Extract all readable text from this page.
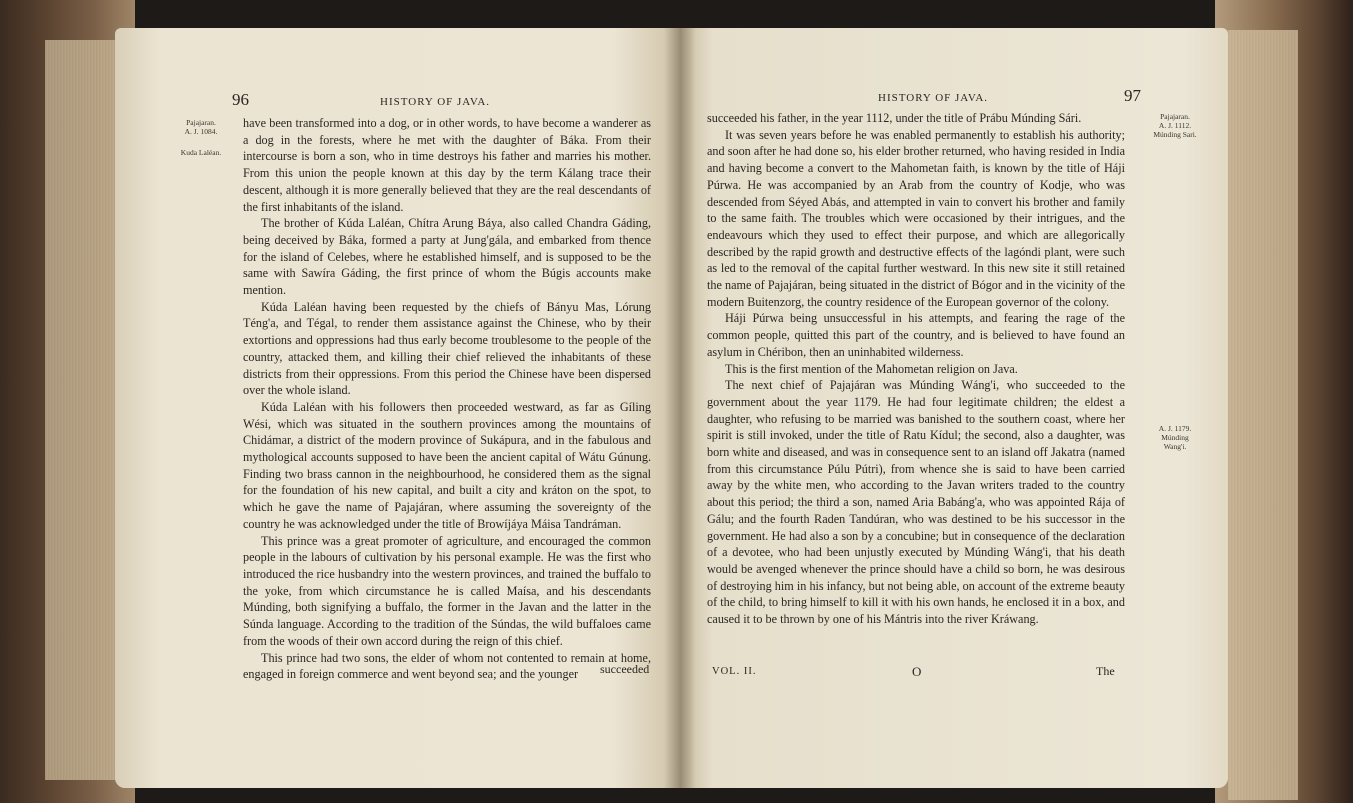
96	HISTORY OF JAVA.
Pajajaran.
A. J. 1084.
Kuda Laléan.

have been transformed into a dog, or in other words, to have become a wanderer as a dog in the forests, where he met with the daughter of Báka. From their intercourse is born a son, who in time destroys his father and marries his mother. From this union the people known at this day by the term Kálang trace their descent, although it is more generally believed that they are the real descendants of the first inhabitants of the island.

The brother of Kúda Laléan, Chítra Arung Báya, also called Chandra Gáding, being deceived by Báka, formed a party at Jung'gála, and embarked from thence for the island of Celebes, where he established himself, and is supposed to be the same with Sawíra Gáding, the first prince of whom the Búgis accounts make mention.

Kúda Laléan having been requested by the chiefs of Bányu Mas, Lórung Téng'a, and Tégal, to render them assistance against the Chinese, who by their extortions and oppressions had thus early become troublesome to the people of the country, attacked them, and killing their chief relieved the inhabitants of these districts from their oppressions. From this period the Chinese have been dispersed over the whole island.

Kúda Laléan with his followers then proceeded westward, as far as Gíling Wési, which was situated in the southern provinces among the mountains of Chidámar, a district of the modern province of Sukápura, and in the fabulous and mythological accounts supposed to have been the ancient capital of Wátu Gúnung. Finding two brass cannon in the neighbourhood, he considered them as the signal for the foundation of his new capital, and built a city and kráton on the spot, to which he gave the name of Pajajáran, where assuming the sovereignty of the country he was acknowledged under the title of Browíjáya Máisa Tandráman.

This prince was a great promoter of agriculture, and encouraged the common people in the labours of cultivation by his personal example. He was the first who introduced the rice husbandry into the western provinces, and trained the buffalo to the yoke, from which circumstance he is called Maísa, and his descendants Múnding, both signifying a buffalo, the former in the Javan and the latter in the Súnda language. According to the tradition of the Súndas, the wild buffaloes came from the woods of their own accord during the reign of this chief.

This prince had two sons, the elder of whom not contented to remain at home, engaged in foreign commerce and went beyond sea; and the younger	succeeded
HISTORY OF JAVA.	97
Pajajaran.
A. J. 1112.
Múnding Sari.
A. J. 1179.
Múnding
Wang'i.

succeeded his father, in the year 1112, under the title of Prábu Múnding Sári.

It was seven years before he was enabled permanently to establish his authority; and soon after he had done so, his elder brother returned, who having resided in India and having become a convert to the Mahometan faith, is known by the title of Háji Púrwa. He was accompanied by an Arab from the country of Kodje, who was descended from Séyed Abás, and attempted in vain to convert his brother and family to the same faith. The troubles which were occasioned by their intrigues, and the endeavours which they used to effect their purpose, and which are allegorically described by the rapid growth and destructive effects of the lagóndi plant, were such as led to the removal of the capital further westward. In this new site it still retained the name of Pajajáran, being situated in the district of Bógor and in the vicinity of the modern Buitenzorg, the country residence of the European governor of the colony.

Háji Púrwa being unsuccessful in his attempts, and fearing the rage of the common people, quitted this part of the country, and is believed to have found an asylum in Chéribon, then an uninhabited wilderness.

This is the first mention of the Mahometan religion on Java.

The next chief of Pajajáran was Múnding Wáng'i, who succeeded to the government about the year 1179. He had four legitimate children; the eldest a daughter, who refusing to be married was banished to the southern coast, where her spirit is still invoked, under the title of Ratu Kídul; the second, also a daughter, was born white and diseased, and was in consequence sent to an island off Jakatra (named from this circumstance Púlu Pútri), from whence she is said to have been carried away by the white men, who according to the Javan writers traded to the country about this period; the third a son, named Aria Babáng'a, who was appointed Rája of Gálu; and the fourth Raden Tandúran, who was destined to be his successor in the government. He had also a son by a concubine; but in consequence of the declaration of a devotee, who had been unjustly executed by Múnding Wáng'i, that his death would be avenged whenever the prince should have a child so born, he was desirous of destroying him in his infancy, but not being able, on account of the extreme beauty of the child, to bring himself to kill it with his own hands, he enclosed it in a box, and caused it to be thrown by one of his Mántris into the river Kráwang.

VOL. II.	O	The
